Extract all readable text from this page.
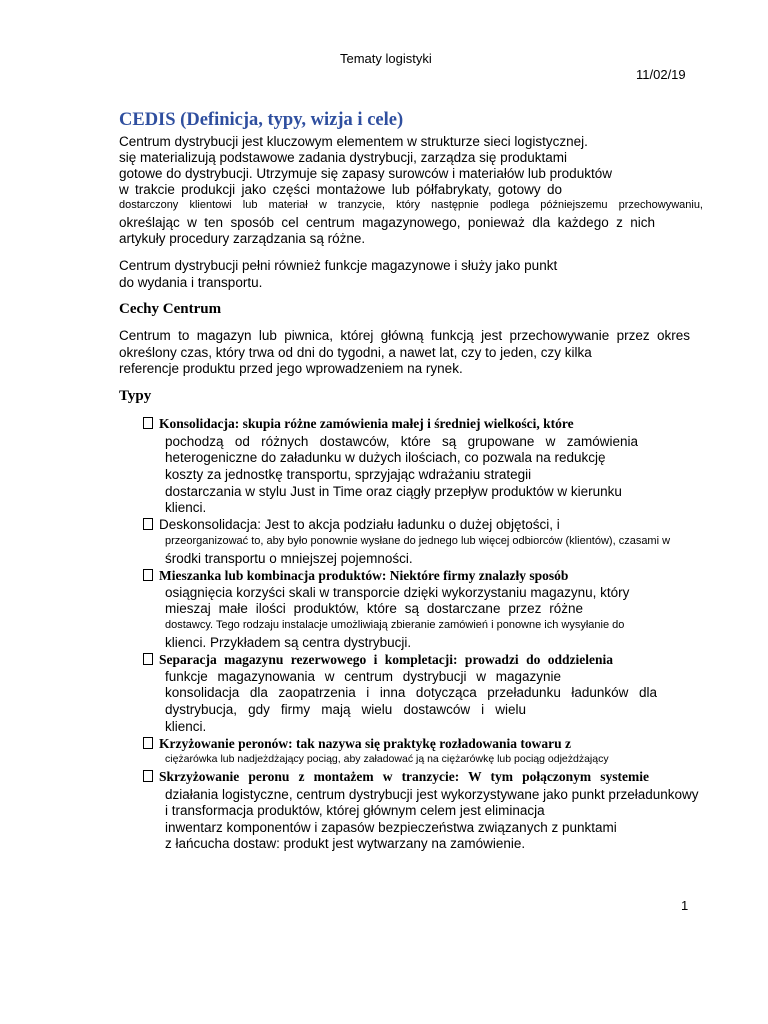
Tematy logistyki
11/02/19
CEDIS (Definicja, typy, wizja i cele)
Centrum dystrybucji jest kluczowym elementem w strukturze sieci logistycznej.
się materializują podstawowe zadania dystrybucji, zarządza się produktami
gotowe do dystrybucji. Utrzymuje się zapasy surowców i materiałów lub produktów
w trakcie produkcji jako części montażowe lub półfabrykaty, gotowy do
dostarczony klientowi lub materiał w tranzycie, który następnie podlega późniejszemu przechowywaniu,
określając w ten sposób cel centrum magazynowego, ponieważ dla każdego z nich
artykuły procedury zarządzania są różne.
Centrum dystrybucji pełni również funkcje magazynowe i służy jako punkt
do wydania i transportu.
Cechy Centrum
Centrum to magazyn lub piwnica, której główną funkcją jest przechowywanie przez okres
określony czas, który trwa od dni do tygodni, a nawet lat, czy to jeden, czy kilka
referencje produktu przed jego wprowadzeniem na rynek.
Typy
Konsolidacja: skupia różne zamówienia małej i średniej wielkości, które
pochodzą od różnych dostawców, które są grupowane w zamówienia
heterogeniczne do załadunku w dużych ilościach, co pozwala na redukcję
koszty za jednostkę transportu, sprzyjając wdrażaniu strategii
dostarczania w stylu Just in Time oraz ciągły przepływ produktów w kierunku
klienci.
Deskonsolidacja: Jest to akcja podziału ładunku o dużej objętości, i
przeorganizować to, aby było ponownie wysłane do jednego lub więcej odbiorców (klientów), czasami w
środki transportu o mniejszej pojemności.
Mieszanka lub kombinacja produktów: Niektóre firmy znalazły sposób
osiągnięcia korzyści skali w transporcie dzięki wykorzystaniu magazynu, który
mieszaj małe ilości produktów, które są dostarczane przez różne
dostawcy. Tego rodzaju instalacje umożliwiają zbieranie zamówień i ponowne ich wysyłanie do
klienci. Przykładem są centra dystrybucji.
Separacja magazynu rezerwowego i kompletacji: prowadzi do oddzielenia
funkcje magazynowania w centrum dystrybucji w magazynie
konsolidacja dla zaopatrzenia i inna dotycząca przeładunku ładunków dla
dystrybucja, gdy firmy mają wielu dostawców i wielu
klienci.
Krzyżowanie peronów: tak nazywa się praktykę rozładowania towaru z
ciężarówka lub nadjeżdżający pociąg, aby załadować ją na ciężarówkę lub pociąg odjeżdżający
Skrzyżowanie peronu z montażem w tranzycie: W tym połączonym systemie
działania logistyczne, centrum dystrybucji jest wykorzystywane jako punkt przeładunkowy
i transformacja produktów, której głównym celem jest eliminacja
inwentarz komponentów i zapasów bezpieczeństwa związanych z punktami
z łańcucha dostaw: produkt jest wytwarzany na zamówienie.
1
